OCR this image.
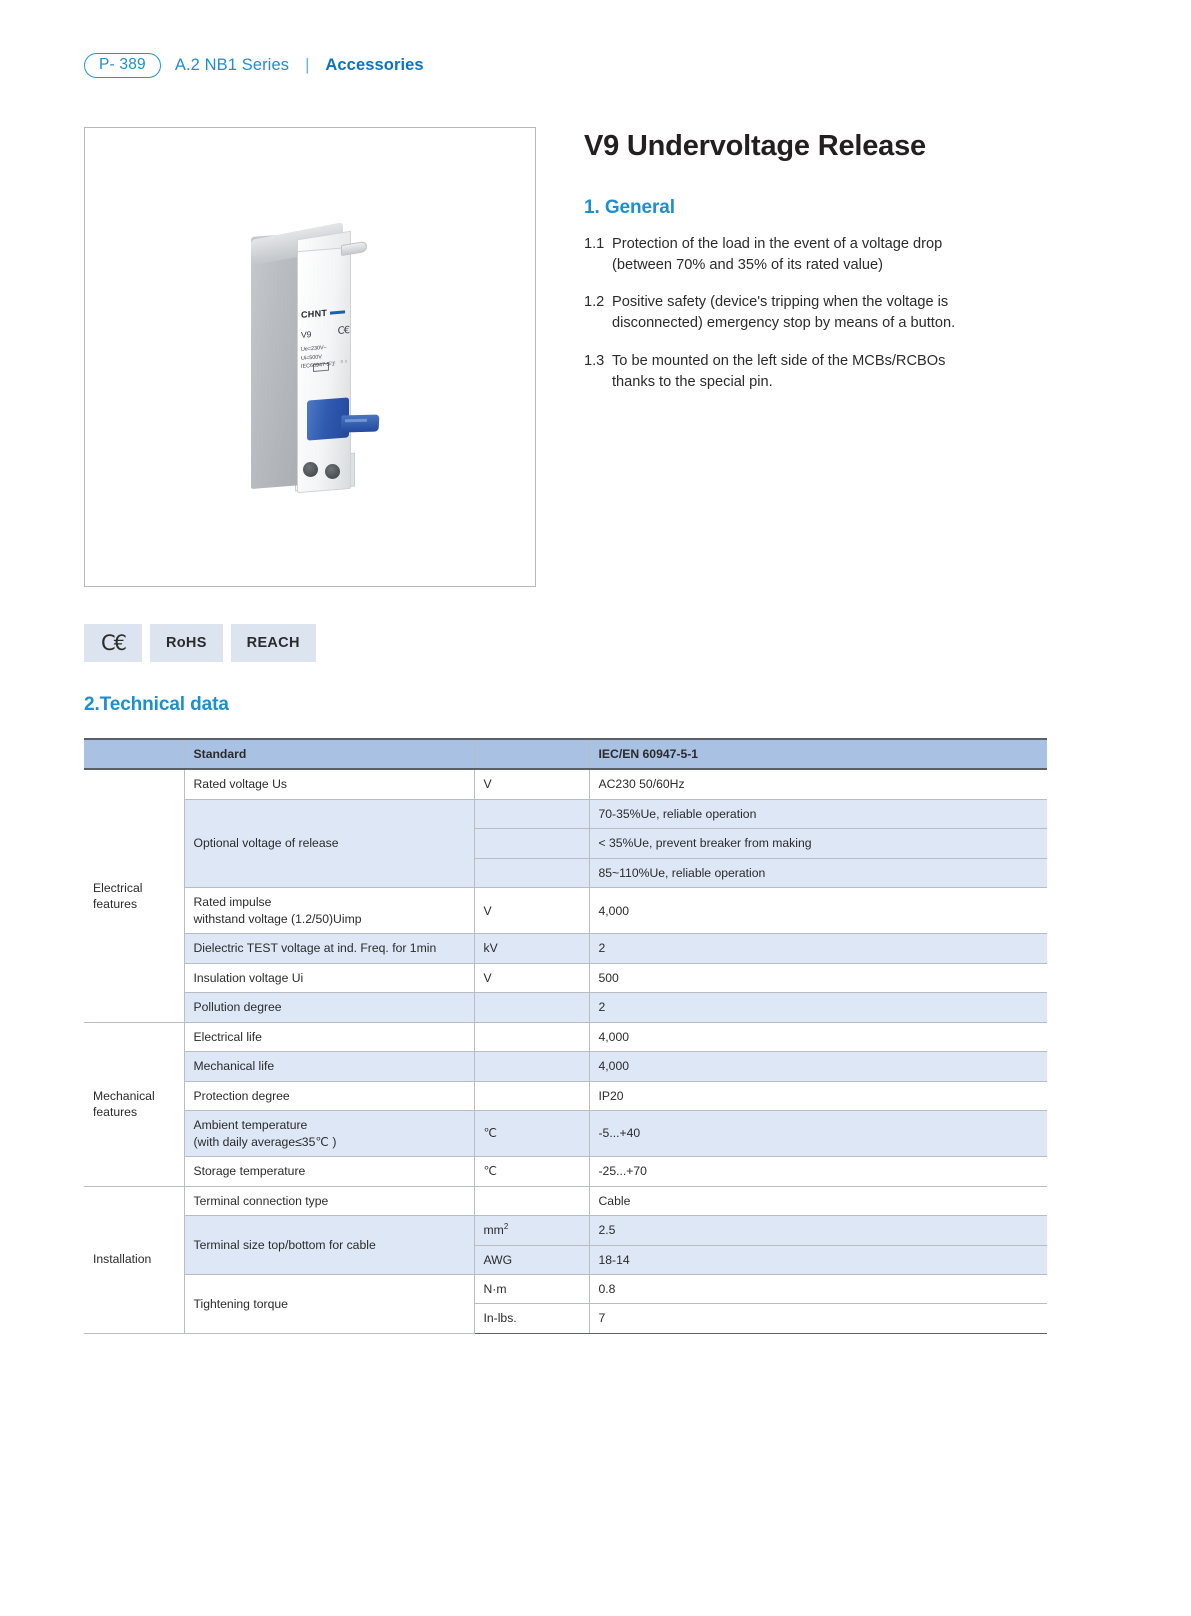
P- 389	A.2 NB1 Series | Accessories
CHNT
V9	C€
Ue=230V~
Ui=500V
D1 D2
IEC60947-5-1
V9 Undervoltage Release
1. General
1.1 Protection of the load in the event of a voltage drop (between 70% and 35% of its rated value)
1.2 Positive safety (device's tripping when the voltage is disconnected) emergency stop by means of a button.
1.3 To be mounted on the left side of the MCBs/RCBOs thanks to the special pin.
C€	RoHS	REACH
2.Technical data
	Standard		IEC/EN 60947-5-1
Electrical features	Rated voltage Us	V	AC230 50/60Hz
	Optional voltage of release		70-35%Ue, reliable operation
			< 35%Ue, prevent breaker from making
			85~110%Ue, reliable operation

	Rated impulse
withstand voltage (1.2/50)Uimp	V	4,000
	Dielectric TEST voltage at ind. Freq. for 1min	kV	2
	Insulation voltage Ui	V	500
	Pollution degree		2
Mechanical features	Electrical life		4,000
	Mechanical life		4,000
	Protection degree		IP20

	Ambient temperature
(with daily average≤35℃ )	℃	-5...+40
	Storage temperature	℃	-25...+70
Installation	Terminal connection type		Cable
	Terminal size top/bottom for cable	$mm^2$	2.5
		AWG	18-14
	Tightening torque	N·m	0.8
		In-lbs.	7
